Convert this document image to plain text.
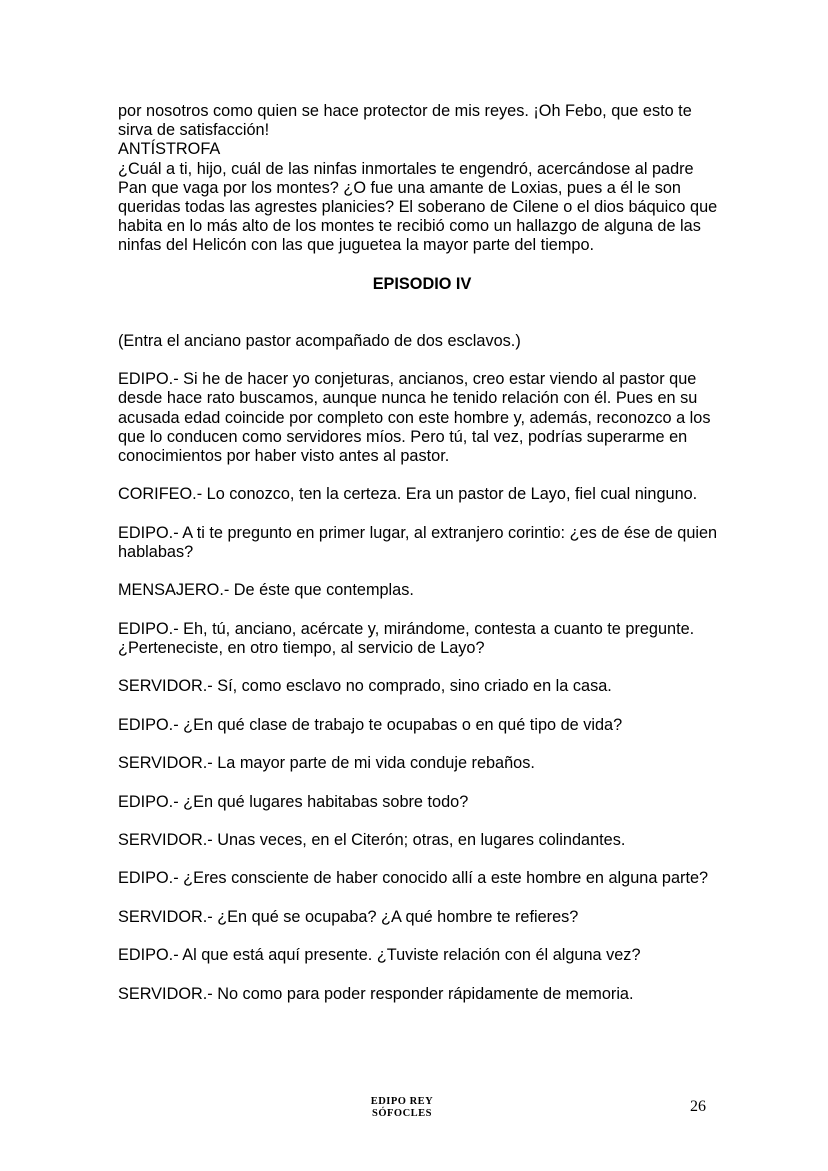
por nosotros como quien se hace protector de mis reyes. ¡Oh Febo, que esto te sirva de satisfacción!

ANTÍSTROFA

¿Cuál a ti, hijo, cuál de las ninfas inmortales te engendró, acercándose al padre Pan que vaga por los montes? ¿O fue una amante de Loxias, pues a él le son queridas todas las agrestes planicies? El soberano de Cilene o el dios báquico que habita en lo más alto de los montes te recibió como un hallazgo de alguna de las ninfas del Helicón con las que juguetea la mayor parte del tiempo.

EPISODIO IV

(Entra el anciano pastor acompañado de dos esclavos.)

EDIPO.- Si he de hacer yo conjeturas, ancianos, creo estar viendo al pastor que desde hace rato buscamos, aunque nunca he tenido relación con él. Pues en su acusada edad coincide por completo con este hombre y, además, reconozco a los que lo conducen como servidores míos. Pero tú, tal vez, podrías superarme en conocimientos por haber visto antes al pastor.

CORIFEO.- Lo conozco, ten la certeza. Era un pastor de Layo, fiel cual ninguno.

EDIPO.- A ti te pregunto en primer lugar, al extranjero corintio: ¿es de ése de quien hablabas?

MENSAJERO.- De éste que contemplas.

EDIPO.- Eh, tú, anciano, acércate y, mirándome, contesta a cuanto te pregunte. ¿Perteneciste, en otro tiempo, al servicio de Layo?

SERVIDOR.- Sí, como esclavo no comprado, sino criado en la casa.

EDIPO.- ¿En qué clase de trabajo te ocupabas o en qué tipo de vida?

SERVIDOR.- La mayor parte de mi vida conduje rebaños.

EDIPO.- ¿En qué lugares habitabas sobre todo?

SERVIDOR.- Unas veces, en el Citerón; otras, en lugares colindantes.

EDIPO.- ¿Eres consciente de haber conocido allí a este hombre en alguna parte?

SERVIDOR.- ¿En qué se ocupaba? ¿A qué hombre te refieres?

EDIPO.- Al que está aquí presente. ¿Tuviste relación con él alguna vez?

SERVIDOR.- No como para poder responder rápidamente de memoria.

EDIPO REY
SÓFOCLES	26
